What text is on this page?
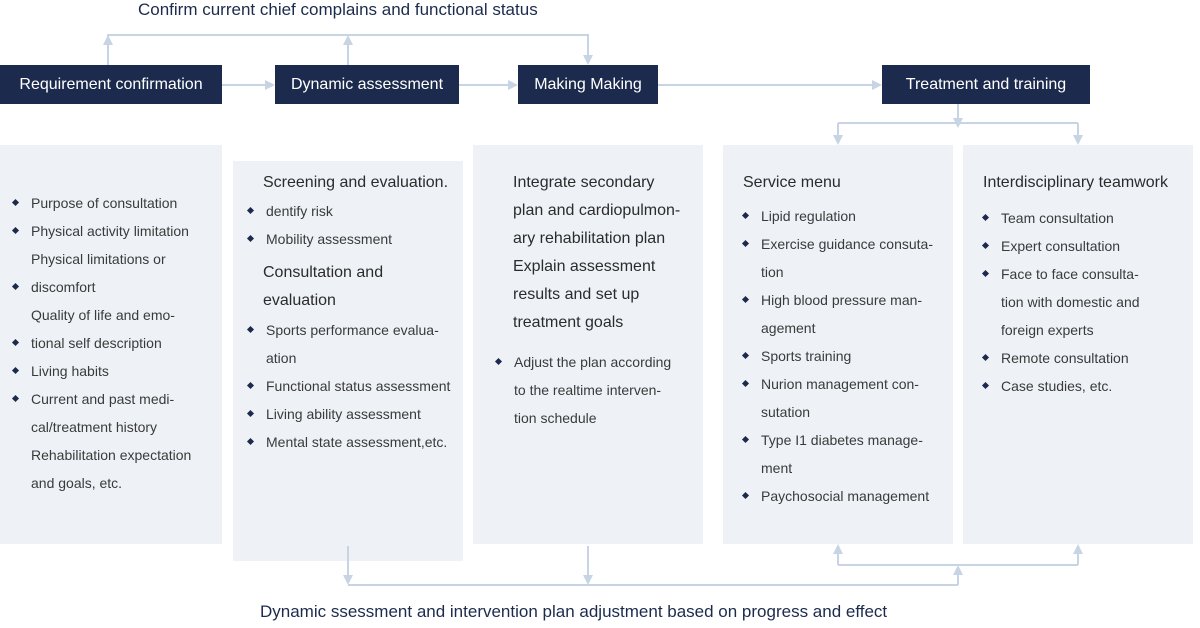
Confirm current chief complains and functional status
Dynamic ssessment and intervention plan adjustment based on progress and effect
Purpose of consultation
Physical activity limitation
Physical limitations or
discomfort
Quality of life and emo-
tional self description
Living habits
Current and past medi-
cal/treatment history
Rehabilitation expectation
and goals, etc.
Screening and evaluation.
dentify risk
Mobility assessment
Consultation and
evaluation
Sports performance evalua-
ation
Functional status assessment
Living ability assessment
Mental state assessment,etc.
Integrate secondary
plan and cardiopulmon-
ary rehabilitation plan
Explain assessment
results and set up
treatment goals
Adjust the plan according
to the realtime interven-
tion schedule
Service menu
Lipid regulation
Exercise guidance consuta-
tion
High blood pressure man-
agement
Sports training
Nurion management con-
sutation
Type I1 diabetes manage-
ment
Paychosocial management
Interdisciplinary teamwork
Team consultation
Expert consultation
Face to face consulta-
tion with domestic and
foreign experts
Remote consultation
Case studies, etc.
Requirement confirmation	Dynamic assessment	Making Making	Treatment and training
